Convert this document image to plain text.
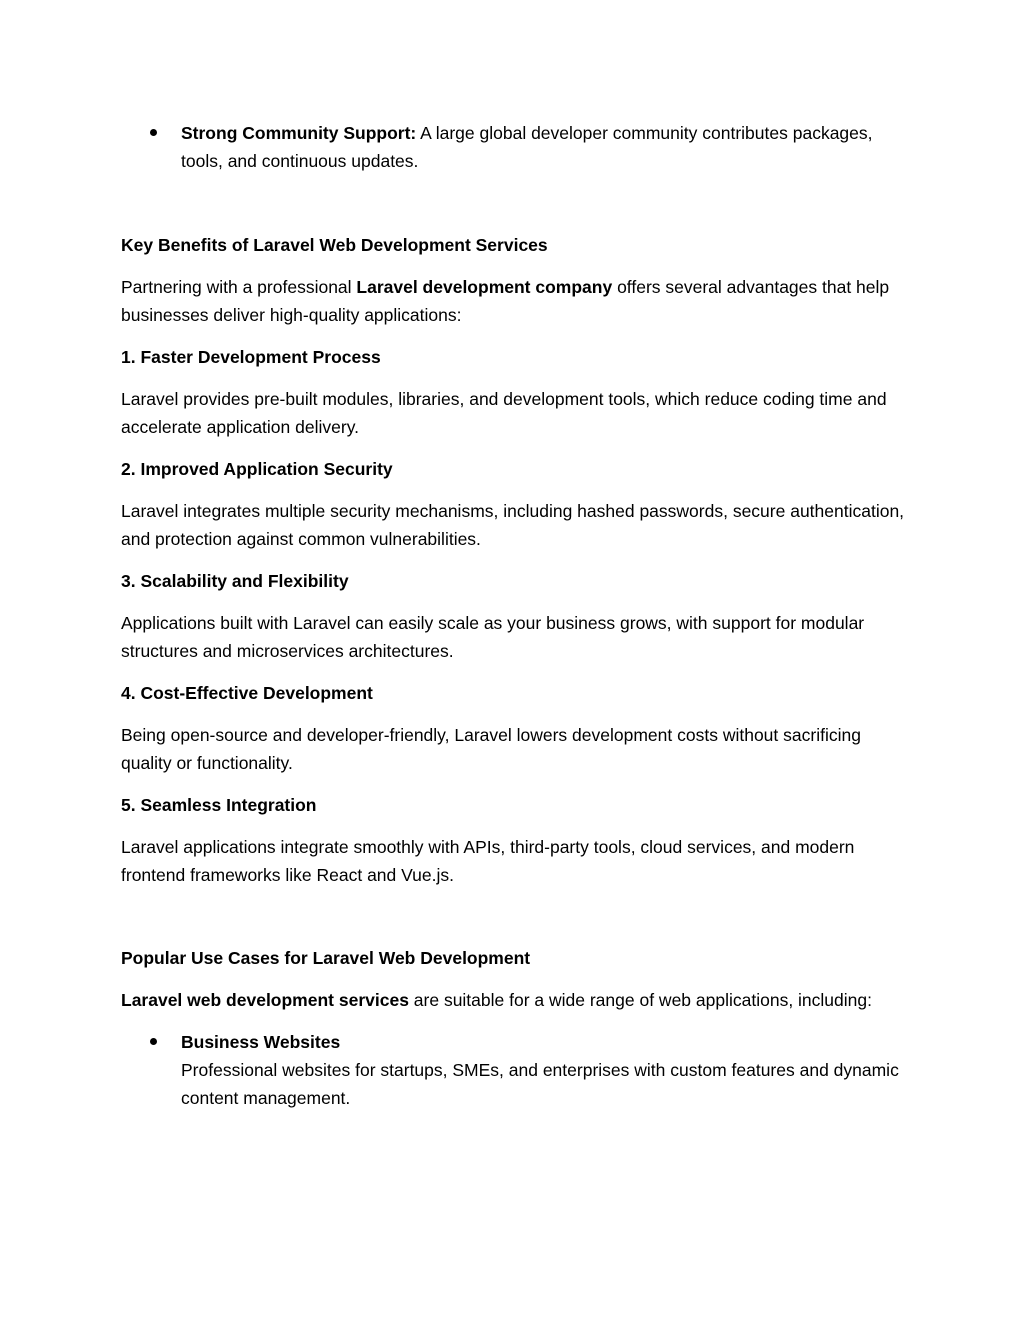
Strong Community Support: A large global developer community contributes packages, tools, and continuous updates.

Key Benefits of Laravel Web Development Services

Partnering with a professional Laravel development company offers several advantages that help businesses deliver high-quality applications:

1. Faster Development Process

Laravel provides pre-built modules, libraries, and development tools, which reduce coding time and accelerate application delivery.

2. Improved Application Security

Laravel integrates multiple security mechanisms, including hashed passwords, secure authentication, and protection against common vulnerabilities.

3. Scalability and Flexibility

Applications built with Laravel can easily scale as your business grows, with support for modular structures and microservices architectures.

4. Cost-Effective Development

Being open-source and developer-friendly, Laravel lowers development costs without sacrificing quality or functionality.

5. Seamless Integration

Laravel applications integrate smoothly with APIs, third-party tools, cloud services, and modern frontend frameworks like React and Vue.js.

Popular Use Cases for Laravel Web Development

Laravel web development services are suitable for a wide range of web applications, including:

Business Websites
Professional websites for startups, SMEs, and enterprises with custom features and dynamic content management.
